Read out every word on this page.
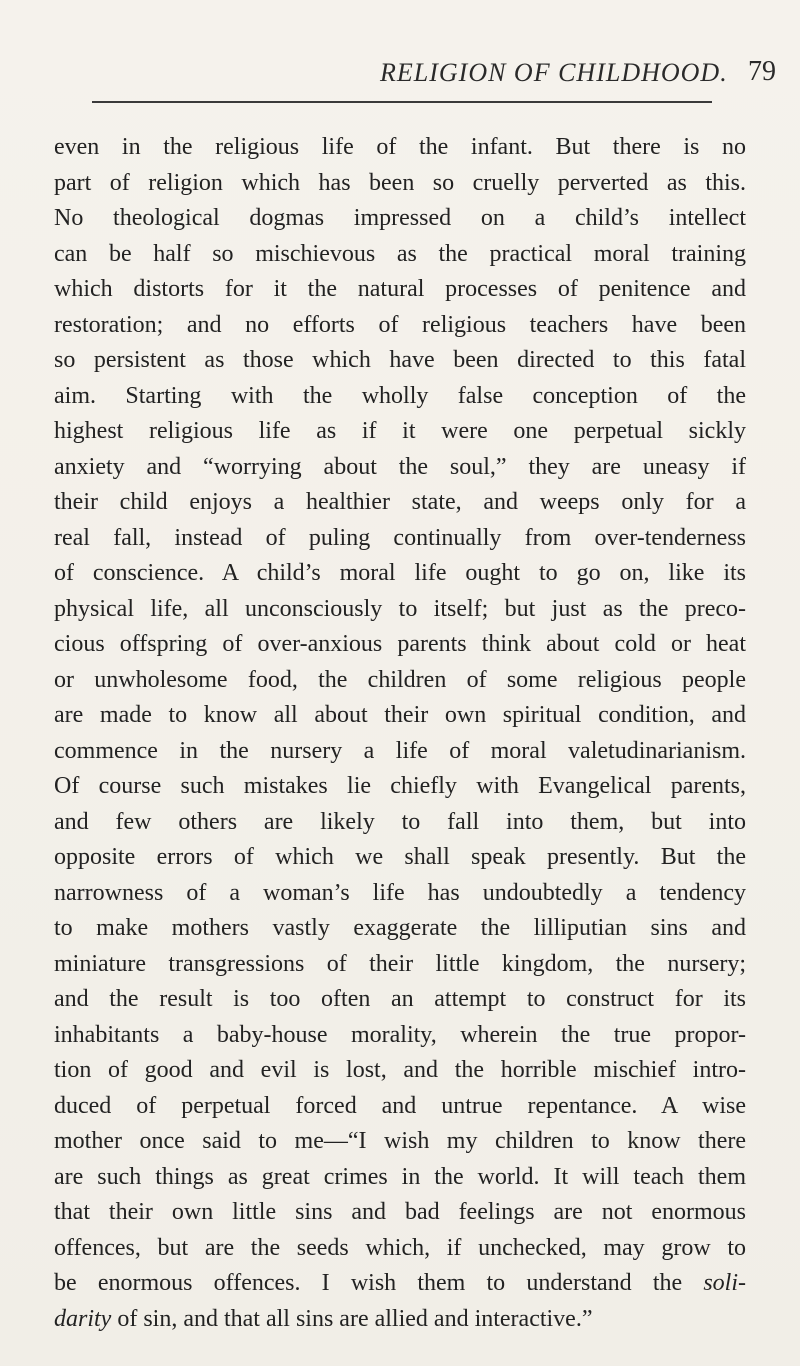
RELIGION OF CHILDHOOD. 79
even in the religious life of the infant. But there is no
part of religion which has been so cruelly perverted as this.
No theological dogmas impressed on a child’s intellect
can be half so mischievous as the practical moral training
which distorts for it the natural processes of penitence and
restoration; and no efforts of religious teachers have been
so persistent as those which have been directed to this fatal
aim. Starting with the wholly false conception of the
highest religious life as if it were one perpetual sickly
anxiety and “worrying about the soul,” they are uneasy if
their child enjoys a healthier state, and weeps only for a
real fall, instead of puling continually from over-tenderness
of conscience. A child’s moral life ought to go on, like its
physical life, all unconsciously to itself; but just as the preco-
cious offspring of over-anxious parents think about cold or heat
or unwholesome food, the children of some religious people
are made to know all about their own spiritual condition, and
commence in the nursery a life of moral valetudinarianism.
Of course such mistakes lie chiefly with Evangelical parents,
and few others are likely to fall into them, but into
opposite errors of which we shall speak presently. But the
narrowness of a woman’s life has undoubtedly a tendency
to make mothers vastly exaggerate the lilliputian sins and
miniature transgressions of their little kingdom, the nursery;
and the result is too often an attempt to construct for its
inhabitants a baby-house morality, wherein the true propor-
tion of good and evil is lost, and the horrible mischief intro-
duced of perpetual forced and untrue repentance. A wise
mother once said to me—“I wish my children to know there
are such things as great crimes in the world. It will teach them
that their own little sins and bad feelings are not enormous
offences, but are the seeds which, if unchecked, may grow to
be enormous offences. I wish them to understand the soli-
darity of sin, and that all sins are allied and interactive.”
